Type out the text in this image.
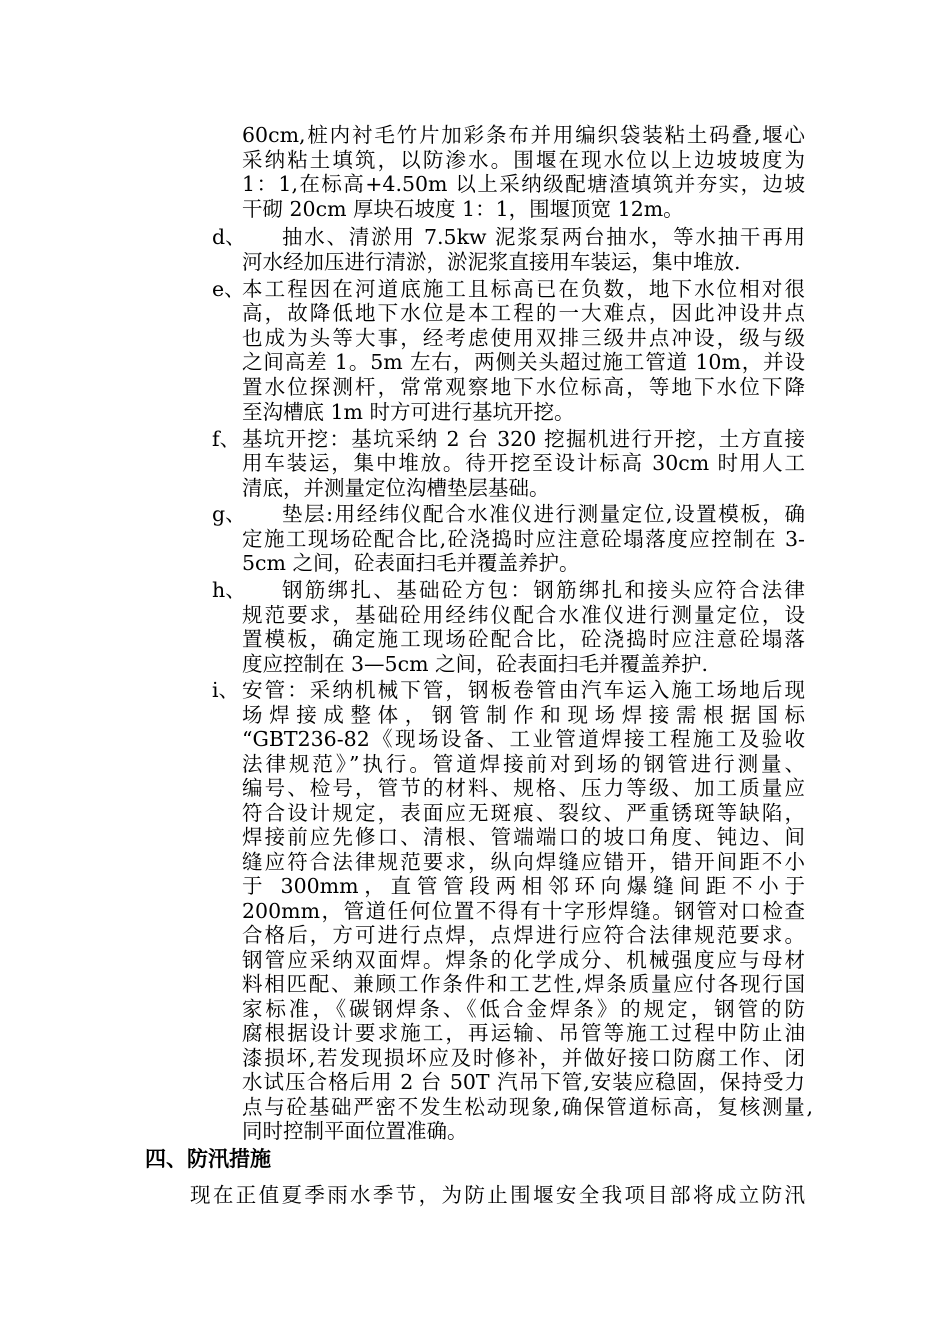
60cm,桩内衬毛竹片加彩条布并用编织袋装粘土码叠,堰心
采纳粘土填筑，以防渗水。围堰在现水位以上边坡坡度为
1：1,在标高+4.50m 以上采纳级配塘渣填筑并夯实，边坡
干砌 20cm 厚块石坡度 1：1，围堰顶宽 12m。
d、 抽水、清淤用 7.5kw 泥浆泵两台抽水，等水抽干再用
河水经加压进行清淤，淤泥浆直接用车装运，集中堆放.
e、
本工程因在河道底施工且标高已在负数，地下水位相对很
高，故降低地下水位是本工程的一大难点，因此冲设井点
也成为头等大事，经考虑使用双排三级井点冲设，级与级
之间高差 1。5m 左右，两侧关头超过施工管道 10m，并设
置水位探测杆，常常观察地下水位标高，等地下水位下降
至沟槽底 1m 时方可进行基坑开挖。
f、 基坑开挖：基坑采纳 2 台 320 挖掘机进行开挖，土方直接
用车装运，集中堆放。待开挖至设计标高 30cm 时用人工
清底，并测量定位沟槽垫层基础。
g、 垫层:用经纬仪配合水准仪进行测量定位,设置模板，确
定施工现场砼配合比,砼浇捣时应注意砼塌落度应控制在 3-
5cm 之间，砼表面扫毛并覆盖养护。
h、 钢筋绑扎、基础砼方包：钢筋绑扎和接头应符合法律
规范要求，基础砼用经纬仪配合水准仪进行测量定位，设
置模板，确定施工现场砼配合比，砼浇捣时应注意砼塌落
度应控制在 3—5cm 之间，砼表面扫毛并覆盖养护.
i、 安管：采纳机械下管，钢板卷管由汽车运入施工场地后现
场焊接成整体，钢管制作和现场焊接需根据国标
“GBT236-82《现场设备、工业管道焊接工程施工及验收
法律规范》”执行。管道焊接前对到场的钢管进行测量、
编号、检号，管节的材料、规格、压力等级、加工质量应
符合设计规定，表面应无斑痕、裂纹、严重锈斑等缺陷，
焊接前应先修口、清根、管端端口的坡口角度、钝边、间
缝应符合法律规范要求，纵向焊缝应错开，错开间距不小
于 300mm，直管管段两相邻环向爆缝间距不小于
200mm，管道任何位置不得有十字形焊缝。钢管对口检查
合格后，方可进行点焊，点焊进行应符合法律规范要求。
钢管应采纳双面焊。焊条的化学成分、机械强度应与母材
料相匹配、兼顾工作条件和工艺性,焊条质量应付各现行国
家标准，《碳钢焊条、《低合金焊条》的规定，钢管的防
腐根据设计要求施工，再运输、吊管等施工过程中防止油
漆损坏,若发现损坏应及时修补，并做好接口防腐工作、闭
水试压合格后用 2 台 50T 汽吊下管,安装应稳固，保持受力
点与砼基础严密不发生松动现象,确保管道标高，复核测量,
同时控制平面位置准确。
四、防汛措施
现在正值夏季雨水季节，为防止围堰安全我项目部将成立防汛
